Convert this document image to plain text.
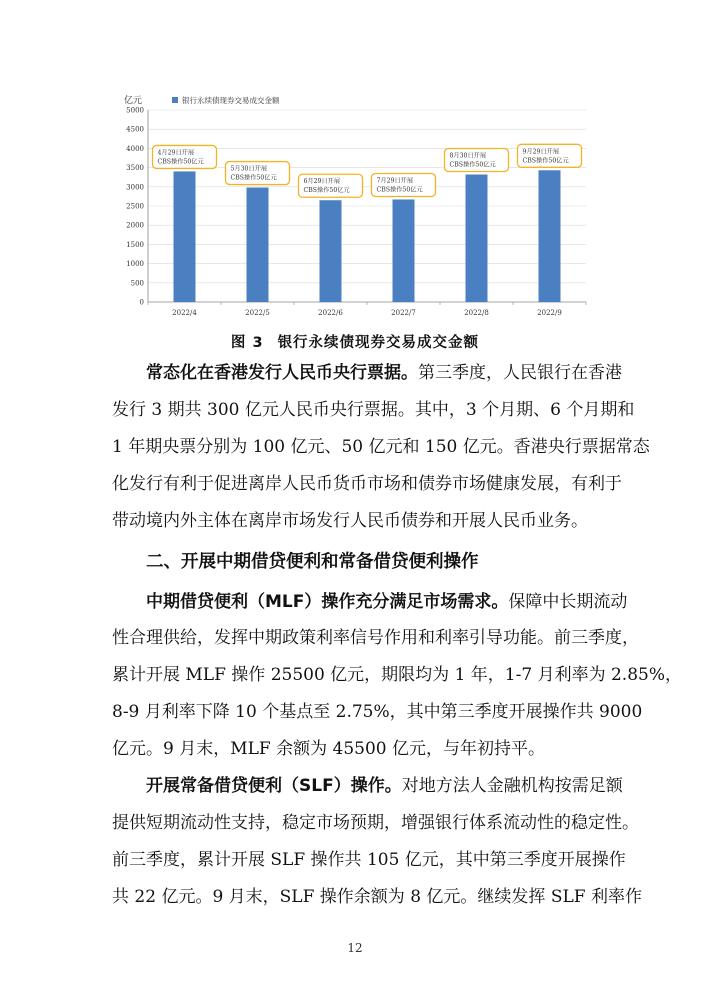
亿元	银行永续债现券交易成交金额
0
500
1000
1500
2000
2500
3000
3500
4000
4500
5000
4月29日开展
CBS操作50亿元
5月30日开展
CBS操作50亿元
6月29日开展
CBS操作50亿元
7月29日开展
CBS操作50亿元
8月30日开展
CBS操作50亿元
9月29日开展
CBS操作50亿元
2022/4	2022/5	2022/6	2022/7	2022/8	2022/9
图 3 银行永续债现券交易成交金额
常态化在香港发行人民币央行票据。第三季度，人民银行在香港
发行 3 期共 300 亿元人民币央行票据。其中，3 个月期、6 个月期和
1 年期央票分别为 100 亿元、50 亿元和 150 亿元。香港央行票据常态
化发行有利于促进离岸人民币货币市场和债券市场健康发展，有利于
带动境内外主体在离岸市场发行人民币债券和开展人民币业务。
二、开展中期借贷便利和常备借贷便利操作
中期借贷便利（MLF）操作充分满足市场需求。保障中长期流动
性合理供给，发挥中期政策利率信号作用和利率引导功能。前三季度，
累计开展 MLF 操作 25500 亿元，期限均为 1 年，1-7 月利率为 2.85%，
8-9 月利率下降 10 个基点至 2.75%，其中第三季度开展操作共 9000
亿元。9 月末，MLF 余额为 45500 亿元，与年初持平。
开展常备借贷便利（SLF）操作。对地方法人金融机构按需足额
提供短期流动性支持，稳定市场预期，增强银行体系流动性的稳定性。
前三季度，累计开展 SLF 操作共 105 亿元，其中第三季度开展操作
共 22 亿元。9 月末，SLF 操作余额为 8 亿元。继续发挥 SLF 利率作
12
